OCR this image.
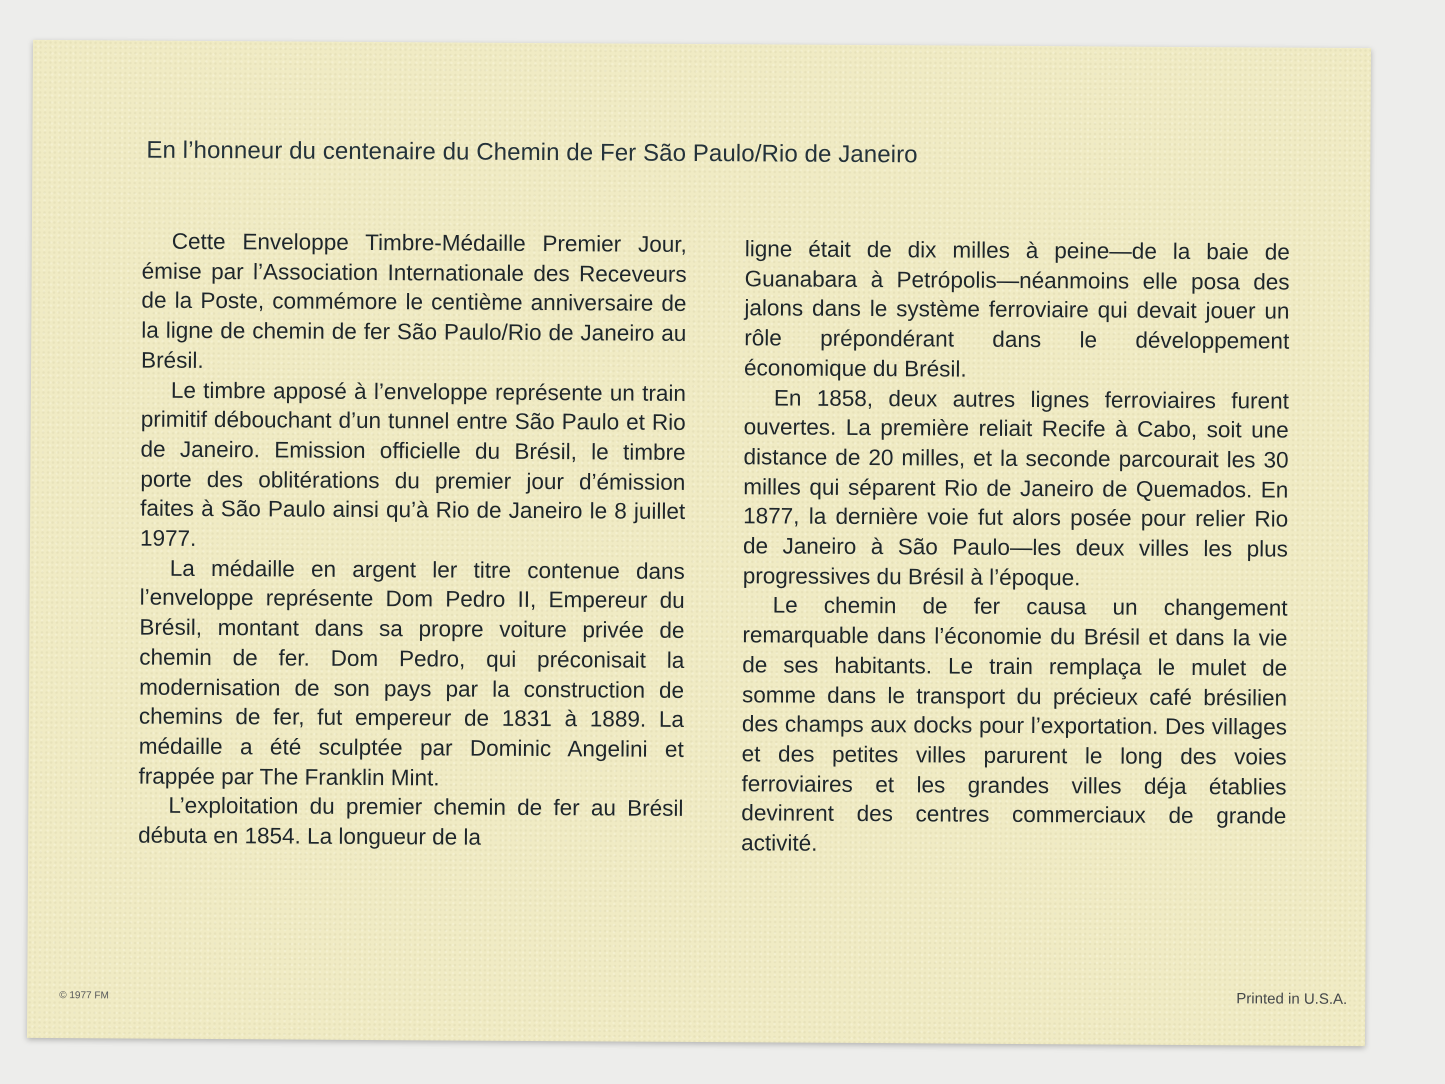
En l’honneur du centenaire du Chemin de Fer São Paulo/Rio de Janeiro

Cette Enveloppe Timbre-Médaille Premier Jour, émise par l’Association Internationale des Receveurs de la Poste, commémore le centième anniversaire de la ligne de chemin de fer São Paulo/Rio de Janeiro au Brésil.

Le timbre apposé à l’enveloppe représente un train primitif débouchant d’un tunnel entre São Paulo et Rio de Janeiro. Emission officielle du Brésil, le timbre porte des oblitérations du premier jour d’émission faites à São Paulo ainsi qu’à Rio de Janeiro le 8 juillet 1977.

La médaille en argent ler titre contenue dans l’enveloppe représente Dom Pedro II, Empereur du Brésil, montant dans sa propre voiture privée de chemin de fer. Dom Pedro, qui préconisait la modernisation de son pays par la construction de chemins de fer, fut empereur de 1831 à 1889. La médaille a été sculptée par Dominic Angelini et frappée par The Franklin Mint.

L’exploitation du premier chemin de fer au Brésil débuta en 1854. La longueur de la

ligne était de dix milles à peine—de la baie de Guanabara à Petrópolis—néanmoins elle posa des jalons dans le système ferroviaire qui devait jouer un rôle prépondérant dans le développement économique du Brésil.

En 1858, deux autres lignes ferroviaires furent ouvertes. La première reliait Recife à Cabo, soit une distance de 20 milles, et la seconde parcourait les 30 milles qui séparent Rio de Janeiro de Quemados. En 1877, la dernière voie fut alors posée pour relier Rio de Janeiro à São Paulo—les deux villes les plus progressives du Brésil à l’époque.

Le chemin de fer causa un changement remarquable dans l’économie du Brésil et dans la vie de ses habitants. Le train remplaça le mulet de somme dans le transport du précieux café brésilien des champs aux docks pour l’exportation. Des villages et des petites villes parurent le long des voies ferroviaires et les grandes villes déja établies devinrent des centres commerciaux de grande activité.

© 1977 FM	Printed in U.S.A.
